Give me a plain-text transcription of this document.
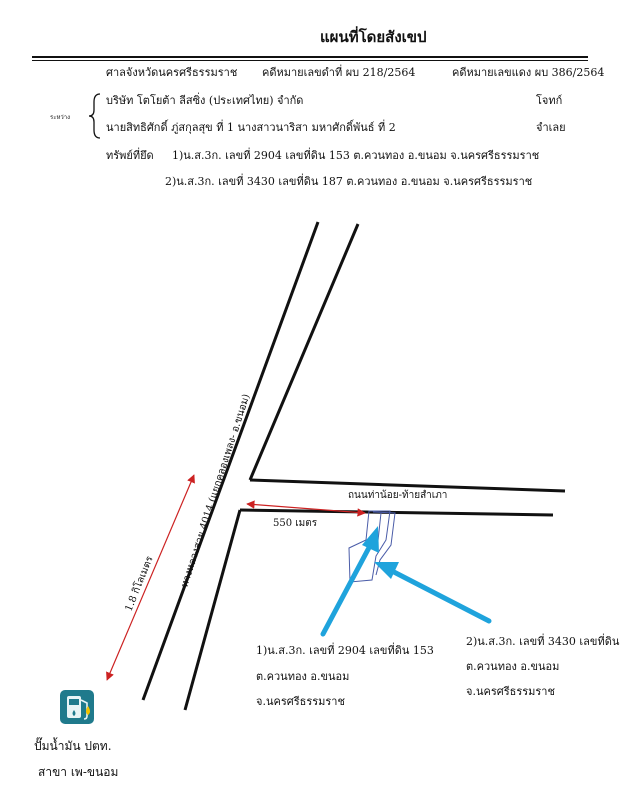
แผนที่โดยสังเขป
ศาลจังหวัดนครศรีธรรมราช คดีหมายเลขดำที่ ผบ 218/2564	คดีหมายเลขแดง ผบ 386/2564
ระหว่าง
บริษัท โตโยต้า ลีสซิ่ง (ประเทศไทย) จำกัด	โจทก์
นายสิทธิศักดิ์ ภู่สกุลสุข ที่ 1 นางสาวนาริสา มหาศักดิ์พันธ์ ที่ 2	จำเลย
ทรัพย์ที่ยึด 1)น.ส.3ก. เลขที่ 2904 เลขที่ดิน 153 ต.ควนทอง อ.ขนอม จ.นครศรีธรรมราช
2)น.ส.3ก. เลขที่ 3430 เลขที่ดิน 187 ต.ควนทอง อ.ขนอม จ.นครศรีธรรมราช
ทางหลวงสาย 4014 (แยกคลองเพลง- อ.ขนอม)	ถนนท่าน้อย-ท้ายสำเภา
550 เมตร
1.8 กิโลเมตร
1)น.ส.3ก. เลขที่ 2904 เลขที่ดิน 153
ต.ควนทอง อ.ขนอม
จ.นครศรีธรรมราช
2)น.ส.3ก. เลขที่ 3430 เลขที่ดิน
ต.ควนทอง อ.ขนอม
จ.นครศรีธรรมราช
ปั๊มน้ำมัน ปตท.
สาขา เพ-ขนอม
